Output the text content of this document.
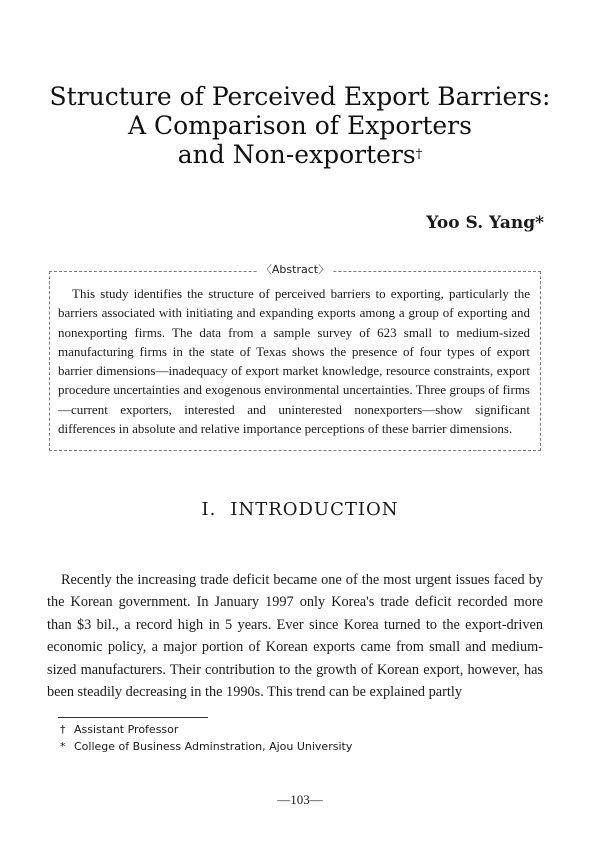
Structure of Perceived Export Barriers:
A Comparison of Exporters
and Non-exporters†
Yoo S. Yang*
〈Abstract〉

This study identifies the structure of perceived barriers to exporting, particularly the barriers associated with initiating and expanding exports among a group of exporting and nonexporting firms. The data from a sample survey of 623 small to medium-sized manufacturing firms in the state of Texas shows the presence of four types of export barrier dimensions—inadequacy of export market knowledge, resource constraints, export procedure uncertainties and exogenous environmental uncertainties. Three groups of firms—current exporters, interested and uninterested nonexporters—show significant differences in absolute and relative importance perceptions of these barrier dimensions.

I. INTRODUCTION

Recently the increasing trade deficit became one of the most urgent issues faced by the Korean government. In January 1997 only Korea's trade deficit recorded more than $3 bil., a record high in 5 years. Ever since Korea turned to the export-driven economic policy, a major portion of Korean exports came from small and medium-sized manufacturers. Their contribution to the growth of Korean export, however, has been steadily decreasing in the 1990s. This trend can be explained partly

† Assistant Professor
* College of Business Adminstration, Ajou University
—103—
